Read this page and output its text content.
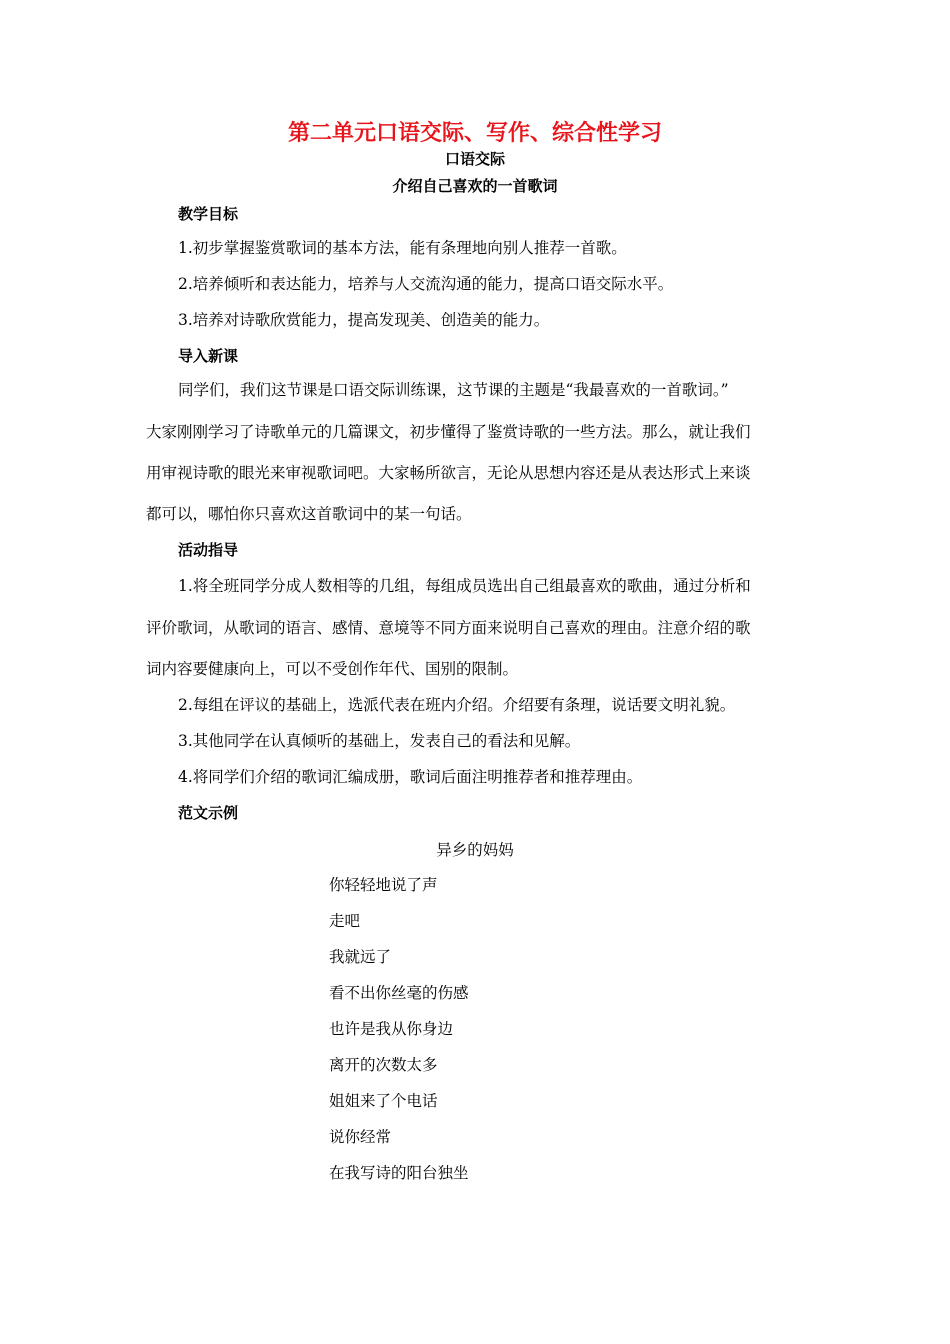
第二单元口语交际、写作、综合性学习
口语交际
介绍自己喜欢的一首歌词
教学目标
1.初步掌握鉴赏歌词的基本方法，能有条理地向别人推荐一首歌。
2.培养倾听和表达能力，培养与人交流沟通的能力，提高口语交际水平。
3.培养对诗歌欣赏能力，提高发现美、创造美的能力。
导入新课
同学们，我们这节课是口语交际训练课，这节课的主题是“我最喜欢的一首歌词。”
大家刚刚学习了诗歌单元的几篇课文，初步懂得了鉴赏诗歌的一些方法。那么，就让我们
用审视诗歌的眼光来审视歌词吧。大家畅所欲言，无论从思想内容还是从表达形式上来谈
都可以，哪怕你只喜欢这首歌词中的某一句话。
活动指导
1.将全班同学分成人数相等的几组，每组成员选出自己组最喜欢的歌曲，通过分析和
评价歌词，从歌词的语言、感情、意境等不同方面来说明自己喜欢的理由。注意介绍的歌
词内容要健康向上，可以不受创作年代、国别的限制。
2.每组在评议的基础上，选派代表在班内介绍。介绍要有条理，说话要文明礼貌。
3.其他同学在认真倾听的基础上，发表自己的看法和见解。
4.将同学们介绍的歌词汇编成册，歌词后面注明推荐者和推荐理由。
范文示例
异乡的妈妈
你轻轻地说了声
走吧
我就远了
看不出你丝毫的伤感
也许是我从你身边
离开的次数太多
姐姐来了个电话
说你经常
在我写诗的阳台独坐
